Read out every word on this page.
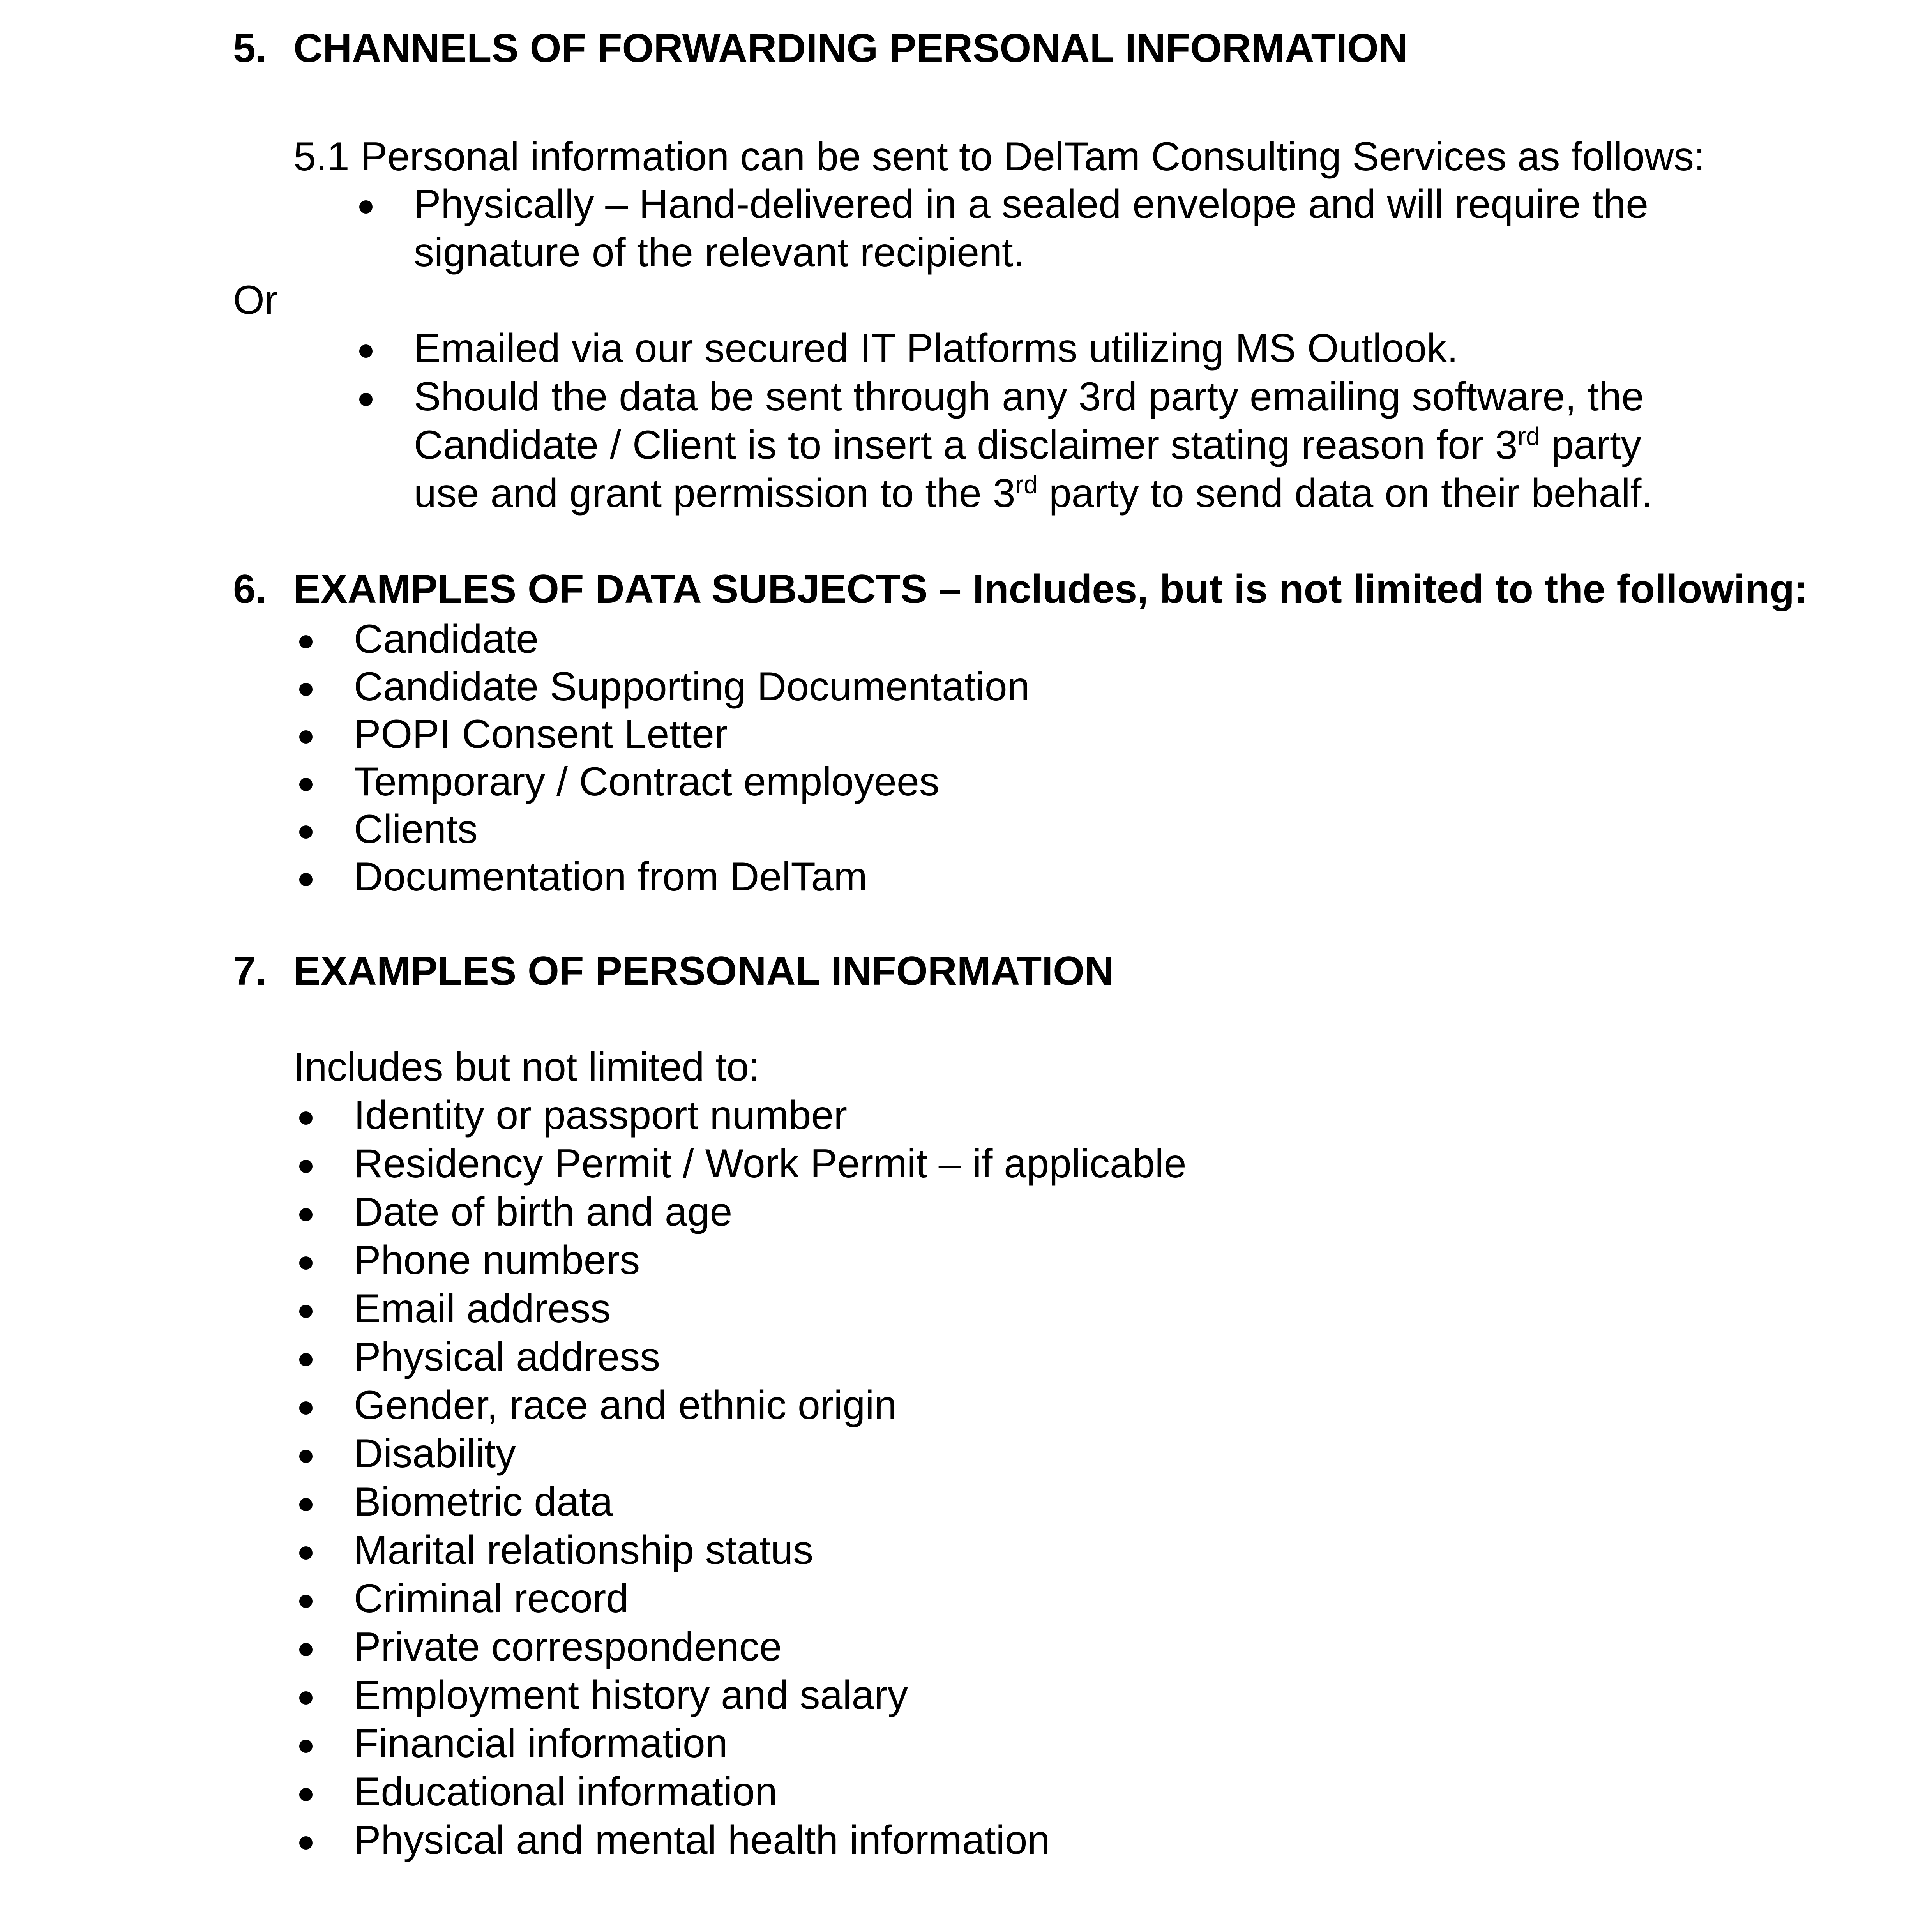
5. CHANNELS OF FORWARDING PERSONAL INFORMATION
5.1 Personal information can be sent to DelTam Consulting Services as follows:
Physically – Hand-delivered in a sealed envelope and will require the signature of the relevant recipient.
Or
Emailed via our secured IT Platforms utilizing MS Outlook.
Should the data be sent through any 3rd party emailing software, the Candidate / Client is to insert a disclaimer stating reason for 3rd party use and grant permission to the 3rd party to send data on their behalf.
6. EXAMPLES OF DATA SUBJECTS – Includes, but is not limited to the following:
Candidate
Candidate Supporting Documentation
POPI Consent Letter
Temporary / Contract employees
Clients
Documentation from DelTam
7. EXAMPLES OF PERSONAL INFORMATION
Includes but not limited to:
Identity or passport number
Residency Permit / Work Permit – if applicable
Date of birth and age
Phone numbers
Email address
Physical address
Gender, race and ethnic origin
Disability
Biometric data
Marital relationship status
Criminal record
Private correspondence
Employment history and salary
Financial information
Educational information
Physical and mental health information
